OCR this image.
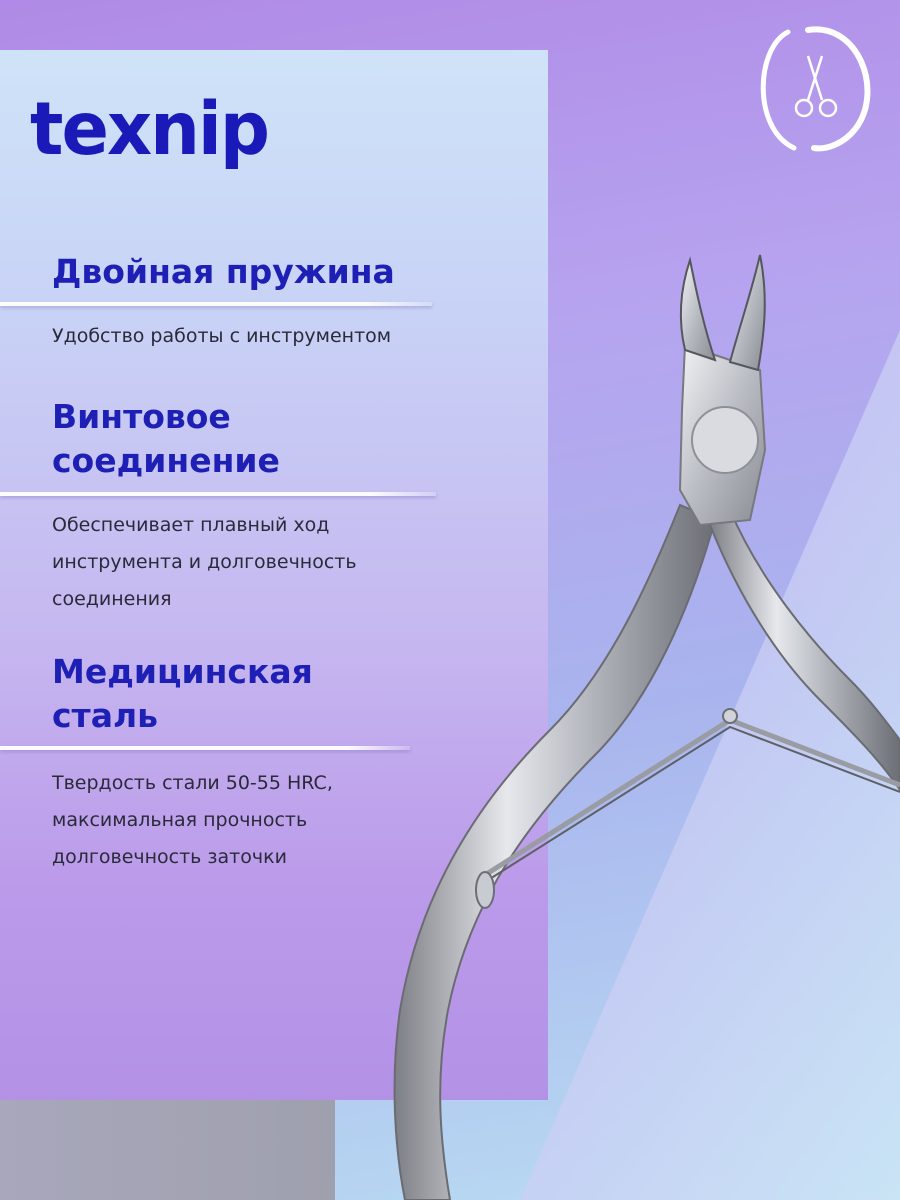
texnip
Двойная пружина
Удобство работы с инструментом
Винтовое
соединение
Обеспечивает плавный ход
инструмента и долговечность
соединения
Медицинская
сталь
Твердость стали 50-55 HRC,
максимальная прочность
долговечность заточки
